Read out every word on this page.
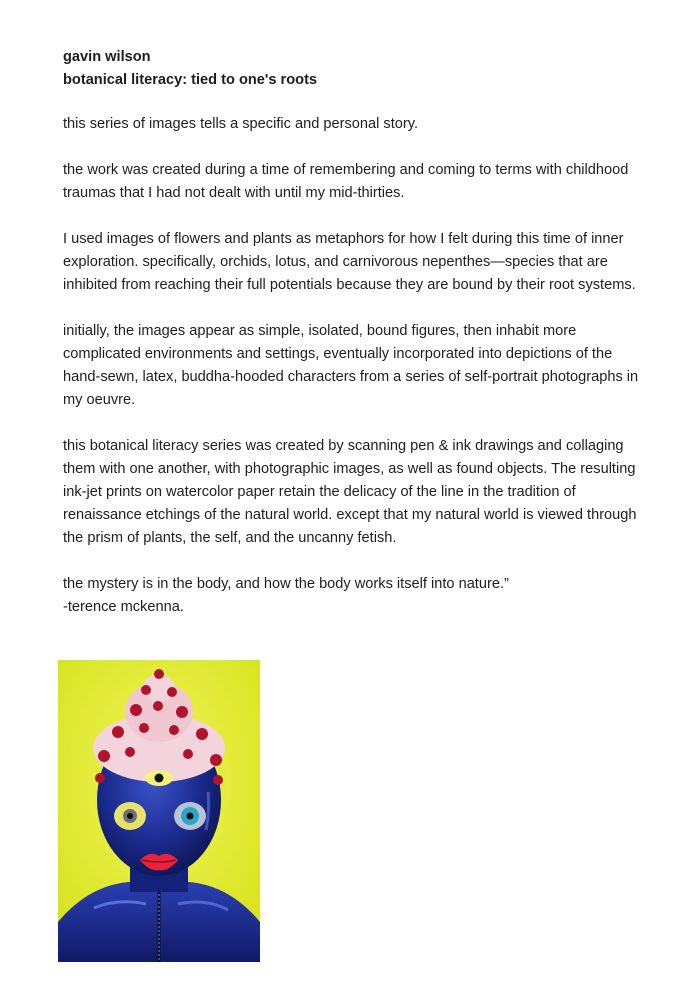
gavin wilson

botanical literacy: tied to one's roots

this series of images tells a specific and personal story.

the work was created during a time of remembering and coming to terms with childhood
traumas that I had not dealt with until my mid-thirties.

I used images of flowers and plants as metaphors for how I felt during this time of inner
exploration. specifically, orchids, lotus, and carnivorous nepenthes—species that are
inhibited from reaching their full potentials because they are bound by their root systems.

initially, the images appear as simple, isolated, bound figures, then inhabit more
complicated environments and settings, eventually incorporated into depictions of the
hand-sewn, latex, buddha-hooded characters from a series of self-portrait photographs in
my oeuvre.

this botanical literacy series was created by scanning pen & ink drawings and collaging
them with one another, with photographic images, as well as found objects. The resulting
ink-jet prints on watercolor paper retain the delicacy of the line in the tradition of
renaissance etchings of the natural world. except that my natural world is viewed through
the prism of plants, the self, and the uncanny fetish.

the mystery is in the body, and how the body works itself into nature.”
-terence mckenna.
